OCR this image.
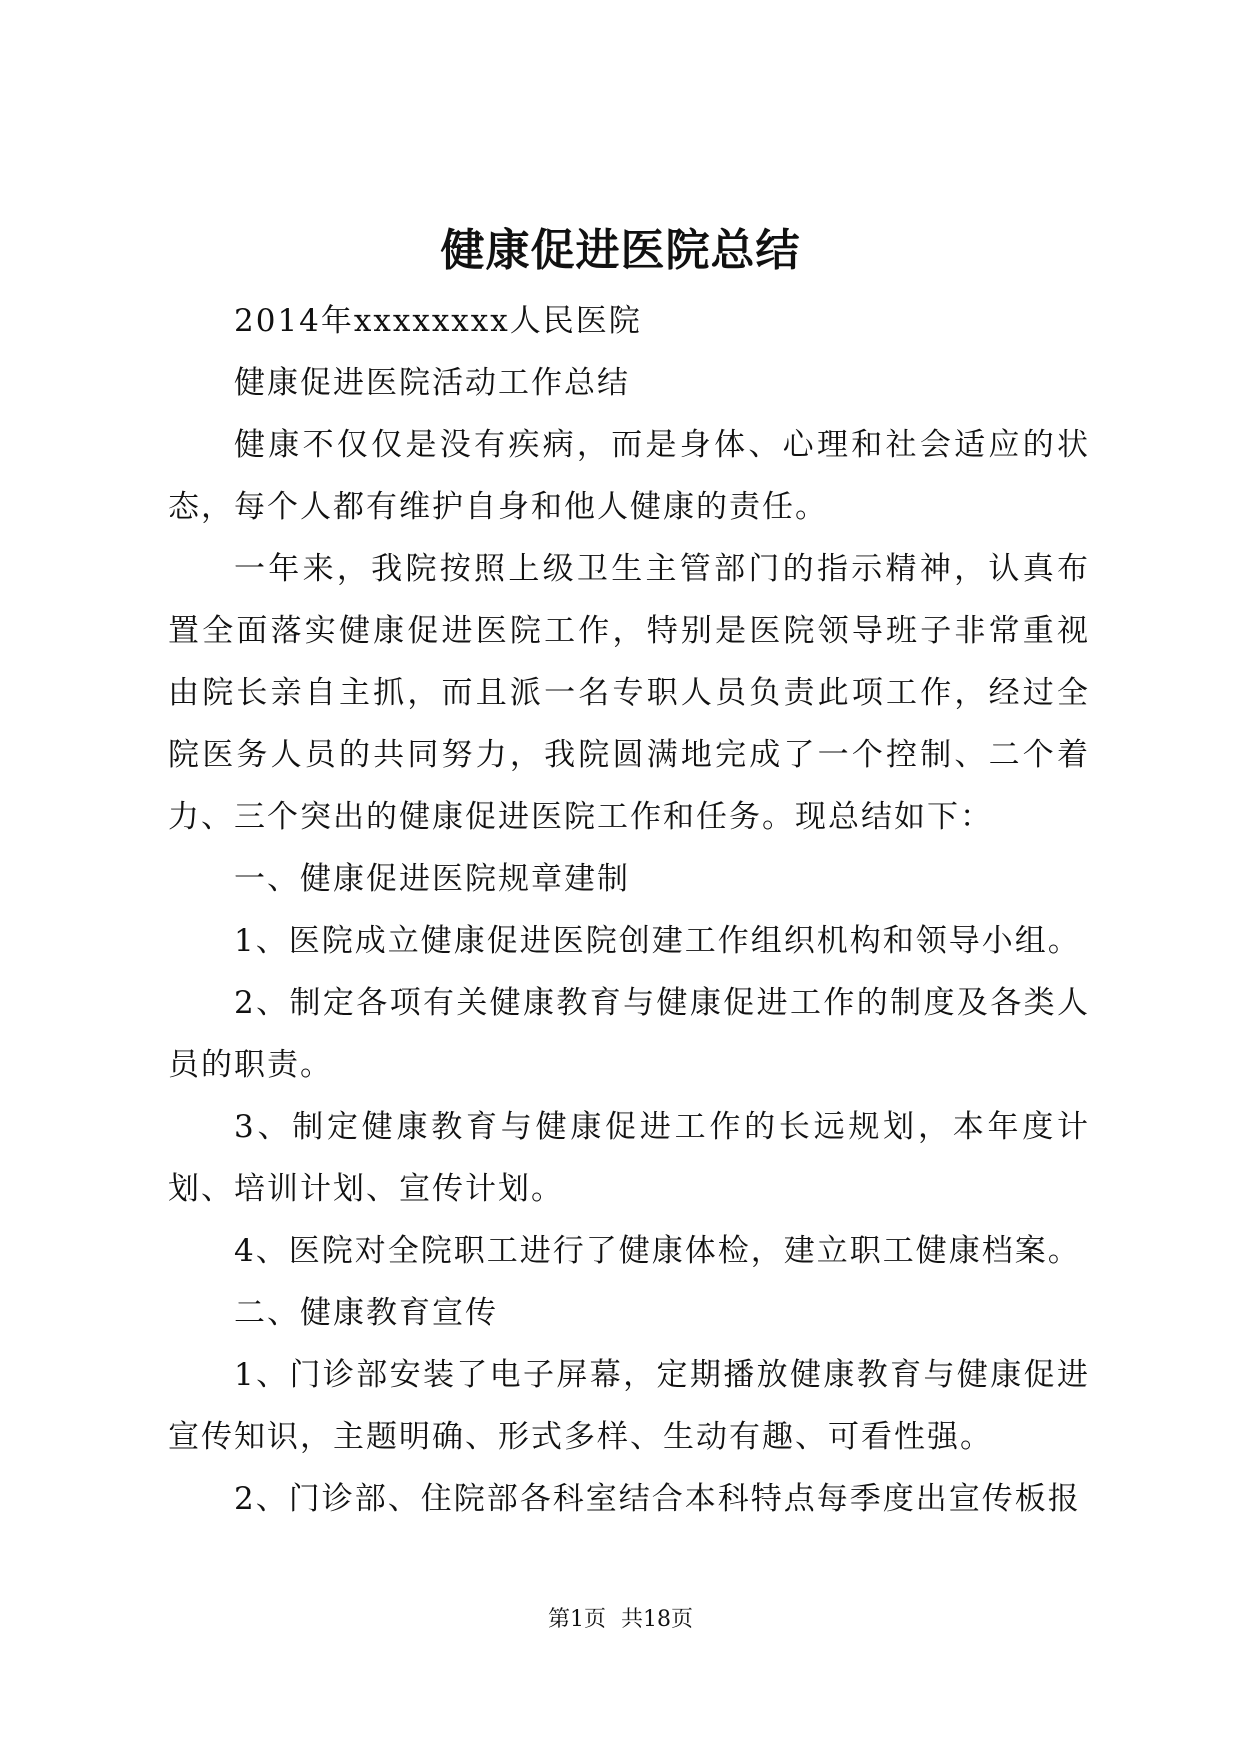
健康促进医院总结

2014年xxxxxxxx人民医院

健康促进医院活动工作总结

健康不仅仅是没有疾病，而是身体、心理和社会适应的状态，每个人都有维护自身和他人健康的责任。

一年来，我院按照上级卫生主管部门的指示精神，认真布置全面落实健康促进医院工作，特别是医院领导班子非常重视由院长亲自主抓，而且派一名专职人员负责此项工作，经过全院医务人员的共同努力，我院圆满地完成了一个控制、二个着力、三个突出的健康促进医院工作和任务。现总结如下：

一、健康促进医院规章建制

1、医院成立健康促进医院创建工作组织机构和领导小组。

2、制定各项有关健康教育与健康促进工作的制度及各类人员的职责。

3、制定健康教育与健康促进工作的长远规划，本年度计划、培训计划、宣传计划。

4、医院对全院职工进行了健康体检，建立职工健康档案。

二、健康教育宣传

1、门诊部安装了电子屏幕，定期播放健康教育与健康促进宣传知识，主题明确、形式多样、生动有趣、可看性强。

2、门诊部、住院部各科室结合本科特点每季度出宣传板报

第1页 共18页
